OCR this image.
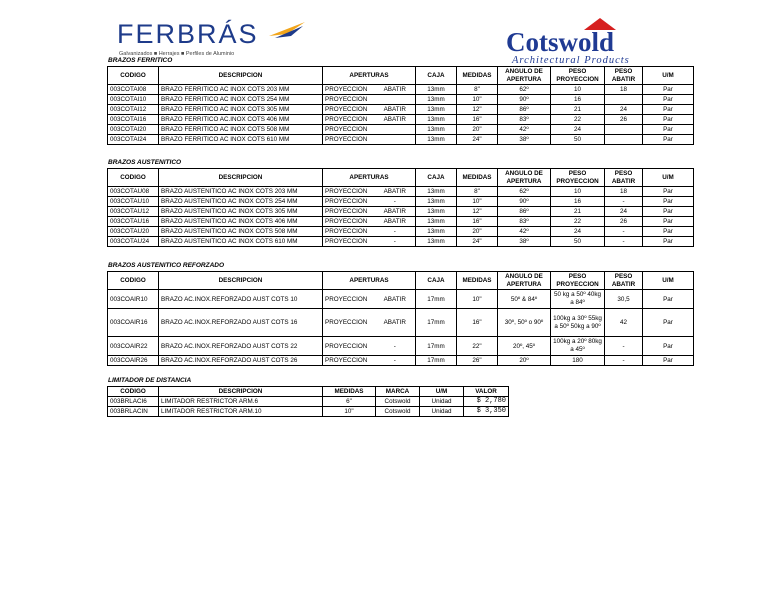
FERBRÁS
Galvanizados ■ Herrajes ■ Perfiles de Aluminio	Cotswold
Architectural Products
BRAZOS FERRITICO
CODIGO	DESCRIPCION	APERTURAS		CAJA	MEDIDAS	ANGULO DE APERTURA	PESO PROYECCION	PESO ABATIR	U/M
003COTAI08	BRAZO FERRITICO AC INOX COTS 203 MM	PROYECCION	ABATIR	13mm	8"	62º	10	18	Par
003COTAI10	BRAZO FERRITICO AC INOX COTS 254 MM	PROYECCION		13mm	10"	90º	16		Par
003COTAI12	BRAZO FERRITICO AC INOX COTS 305 MM	PROYECCION	ABATIR	13mm	12"	86º	21	24	Par
003COTAI16	BRAZO FERRITICO AC.INOX COTS 406 MM	PROYECCION	ABATIR	13mm	16"	83º	22	26	Par
003COTAI20	BRAZO FERRITICO AC INOX COTS 508 MM	PROYECCION		13mm	20"	42º	24		Par
003COTAI24	BRAZO FERRITICO AC INOX COTS 610 MM	PROYECCION		13mm	24"	38º	50		Par
BRAZOS AUSTENITICO
CODIGO	DESCRIPCION	APERTURAS		CAJA	MEDIDAS	ANGULO DE APERTURA	PESO PROYECCION	PESO ABATIR	U/M
003COTAU08	BRAZO AUSTENITICO AC INOX COTS 203 MM	PROYECCION	ABATIR	13mm	8"	62º	10	18	Par
003COTAU10	BRAZO AUSTENITICO AC INOX COTS 254 MM	PROYECCION	-	13mm	10"	90º	16	-	Par
003COTAU12	BRAZO AUSTENITICO AC INOX COTS 305 MM	PROYECCION	ABATIR	13mm	12"	86º	21	24	Par
003COTAU16	BRAZO AUSTENITICO AC INOX COTS 406 MM	PROYECCION	ABATIR	13mm	16"	83º	22	26	Par
003COTAU20	BRAZO AUSTENITICO AC INOX COTS 508 MM	PROYECCION	-	13mm	20"	42º	24	-	Par
003COTAU24	BRAZO AUSTENITICO AC INOX COTS 610 MM	PROYECCION	-	13mm	24"	38º	50	-	Par
BRAZOS AUSTENITICO REFORZADO
CODIGO	DESCRIPCION	APERTURAS		CAJA	MEDIDAS	ANGULO DE APERTURA	PESO PROYECCION	PESO ABATIR	U/M
003COAIR10	BRAZO AC.INOX.REFORZADO AUST COTS 10	PROYECCION	ABATIR	17mm	10"	50º & 84º	50 kg a 50º 40kg a 84º	30,5	Par
003COAIR16	BRAZO AC.INOX.REFORZADO AUST COTS 16	PROYECCION	ABATIR	17mm	16"	30º, 50º o 90º	100kg a 30º 55kg a 50º 50kg a 90º	42	Par
003COAIR22	BRAZO AC.INOX.REFORZADO AUST COTS 22	PROYECCION	-	17mm	22"	20º, 45º	100kg a 20º 80kg a 45º	-	Par
003COAIR26	BRAZO AC.INOX.REFORZADO AUST COTS 26	PROYECCION	-	17mm	26"	20º	180	-	Par
LIMITADOR DE DISTANCIA
CODIGO	DESCRIPCION	MEDIDAS	MARCA	U/M	VALOR
003BRLACI6	LIMITADOR RESTRICTOR ARM.6	6"	Cotswold	Unidad	$ 2,780
003BRLACIN	LIMITADOR RESTRICTOR ARM.10	10"	Cotswold	Unidad	$ 3,350
